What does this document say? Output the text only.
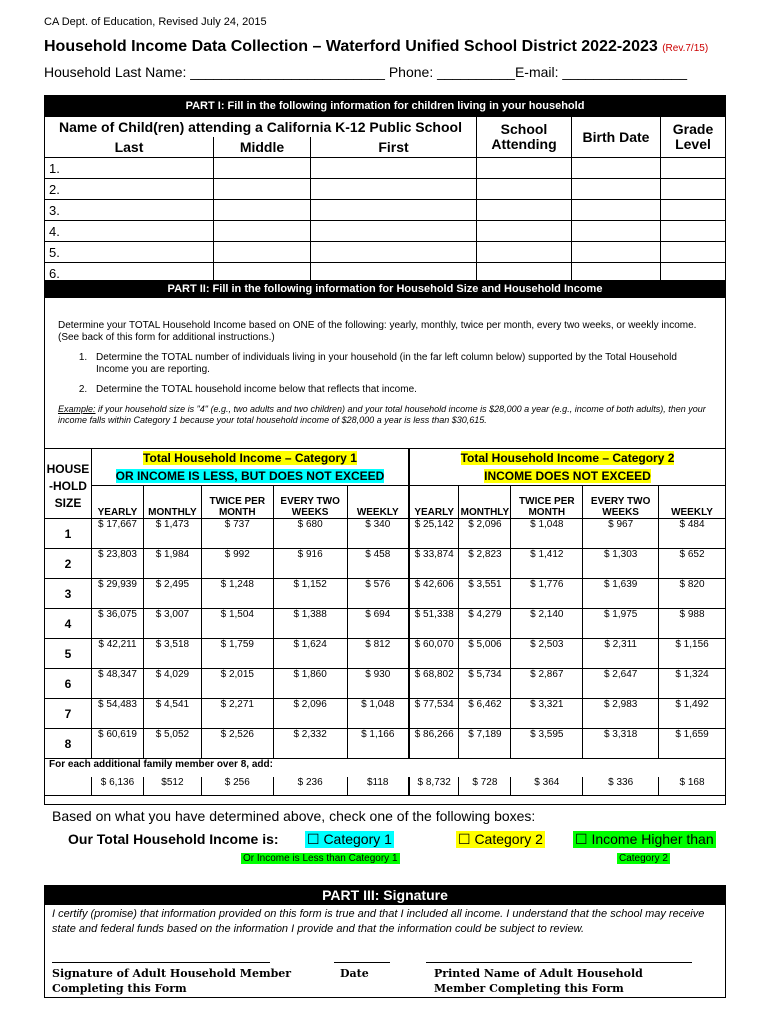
CA Dept. of Education, Revised July 24, 2015
Household Income Data Collection – Waterford Unified School District 2022-2023 (Rev.7/15)
Household Last Name: _________________________ Phone: __________E-mail: ________________
PART I: Fill in the following information for children living in your household					
Name of Child(ren) attending a California K-12 Public School			School Attending	Birth Date	Grade Level
Last	Middle	First			
1.					
2.					
3.					
4.					
5.					
6.					
PART II: Fill in the following information for Household Size and Household Income

Determine your TOTAL Household Income based on ONE of the following: yearly, monthly, twice per month, every two weeks, or weekly income. (See back of this form for additional instructions.)

1. Determine the TOTAL number of individuals living in your household (in the far left column below) supported by the Total Household Income you are reporting.
2. Determine the TOTAL household income below that reflects that income.
Example: if your household size is "4" (e.g., two adults and two children) and your total household income is $28,000 a year (e.g., income of both adults), then your income falls within Category 1 because your total household income of $28,000 a year is less than $30,615.
HOUSE -HOLD SIZE	Total Household Income – Category 1					Total Household Income – Category 2				
	OR INCOME IS LESS, BUT DOES NOT EXCEED					INCOME DOES NOT EXCEED				
	YEARLY	MONTHLY	TWICE PER MONTH	EVERY TWO WEEKS	WEEKLY	YEARLY	MONTHLY	TWICE PER MONTH	EVERY TWO WEEKS	WEEKLY
1	$ 17,667	$ 1,473	$ 737	$ 680	$ 340	$ 25,142	$ 2,096	$ 1,048	$ 967	$ 484
2	$ 23,803	$ 1,984	$ 992	$ 916	$ 458	$ 33,874	$ 2,823	$ 1,412	$ 1,303	$ 652
3	$ 29,939	$ 2,495	$ 1,248	$ 1,152	$ 576	$ 42,606	$ 3,551	$ 1,776	$ 1,639	$ 820
4	$ 36,075	$ 3,007	$ 1,504	$ 1,388	$ 694	$ 51,338	$ 4,279	$ 2,140	$ 1,975	$ 988
5	$ 42,211	$ 3,518	$ 1,759	$ 1,624	$ 812	$ 60,070	$ 5,006	$ 2,503	$ 2,311	$ 1,156
6	$ 48,347	$ 4,029	$ 2,015	$ 1,860	$ 930	$ 68,802	$ 5,734	$ 2,867	$ 2,647	$ 1,324
7	$ 54,483	$ 4,541	$ 2,271	$ 2,096	$ 1,048	$ 77,534	$ 6,462	$ 3,321	$ 2,983	$ 1,492
8	$ 60,619	$ 5,052	$ 2,526	$ 2,332	$ 1,166	$ 86,266	$ 7,189	$ 3,595	$ 3,318	$ 1,659
For each additional family member over 8, add:										
	$ 6,136	$512	$ 256	$ 236	$118	$ 8,732	$ 728	$ 364	$ 336	$ 168
Based on what you have determined above, check one of the following boxes:
Our Total Household Income is: ☐ Category 1	☐ Category 2 ☐ Income Higher than
Or Income is Less than Category 1	Category 2
PART III: Signature
I certify (promise) that information provided on this form is true and that I included all income. I understand that the school may receive state and federal funds based on the information I provide and that the information could be subject to review.
Signature of Adult Household Member Completing this Form
Date	Printed Name of Adult Household Member Completing this Form
